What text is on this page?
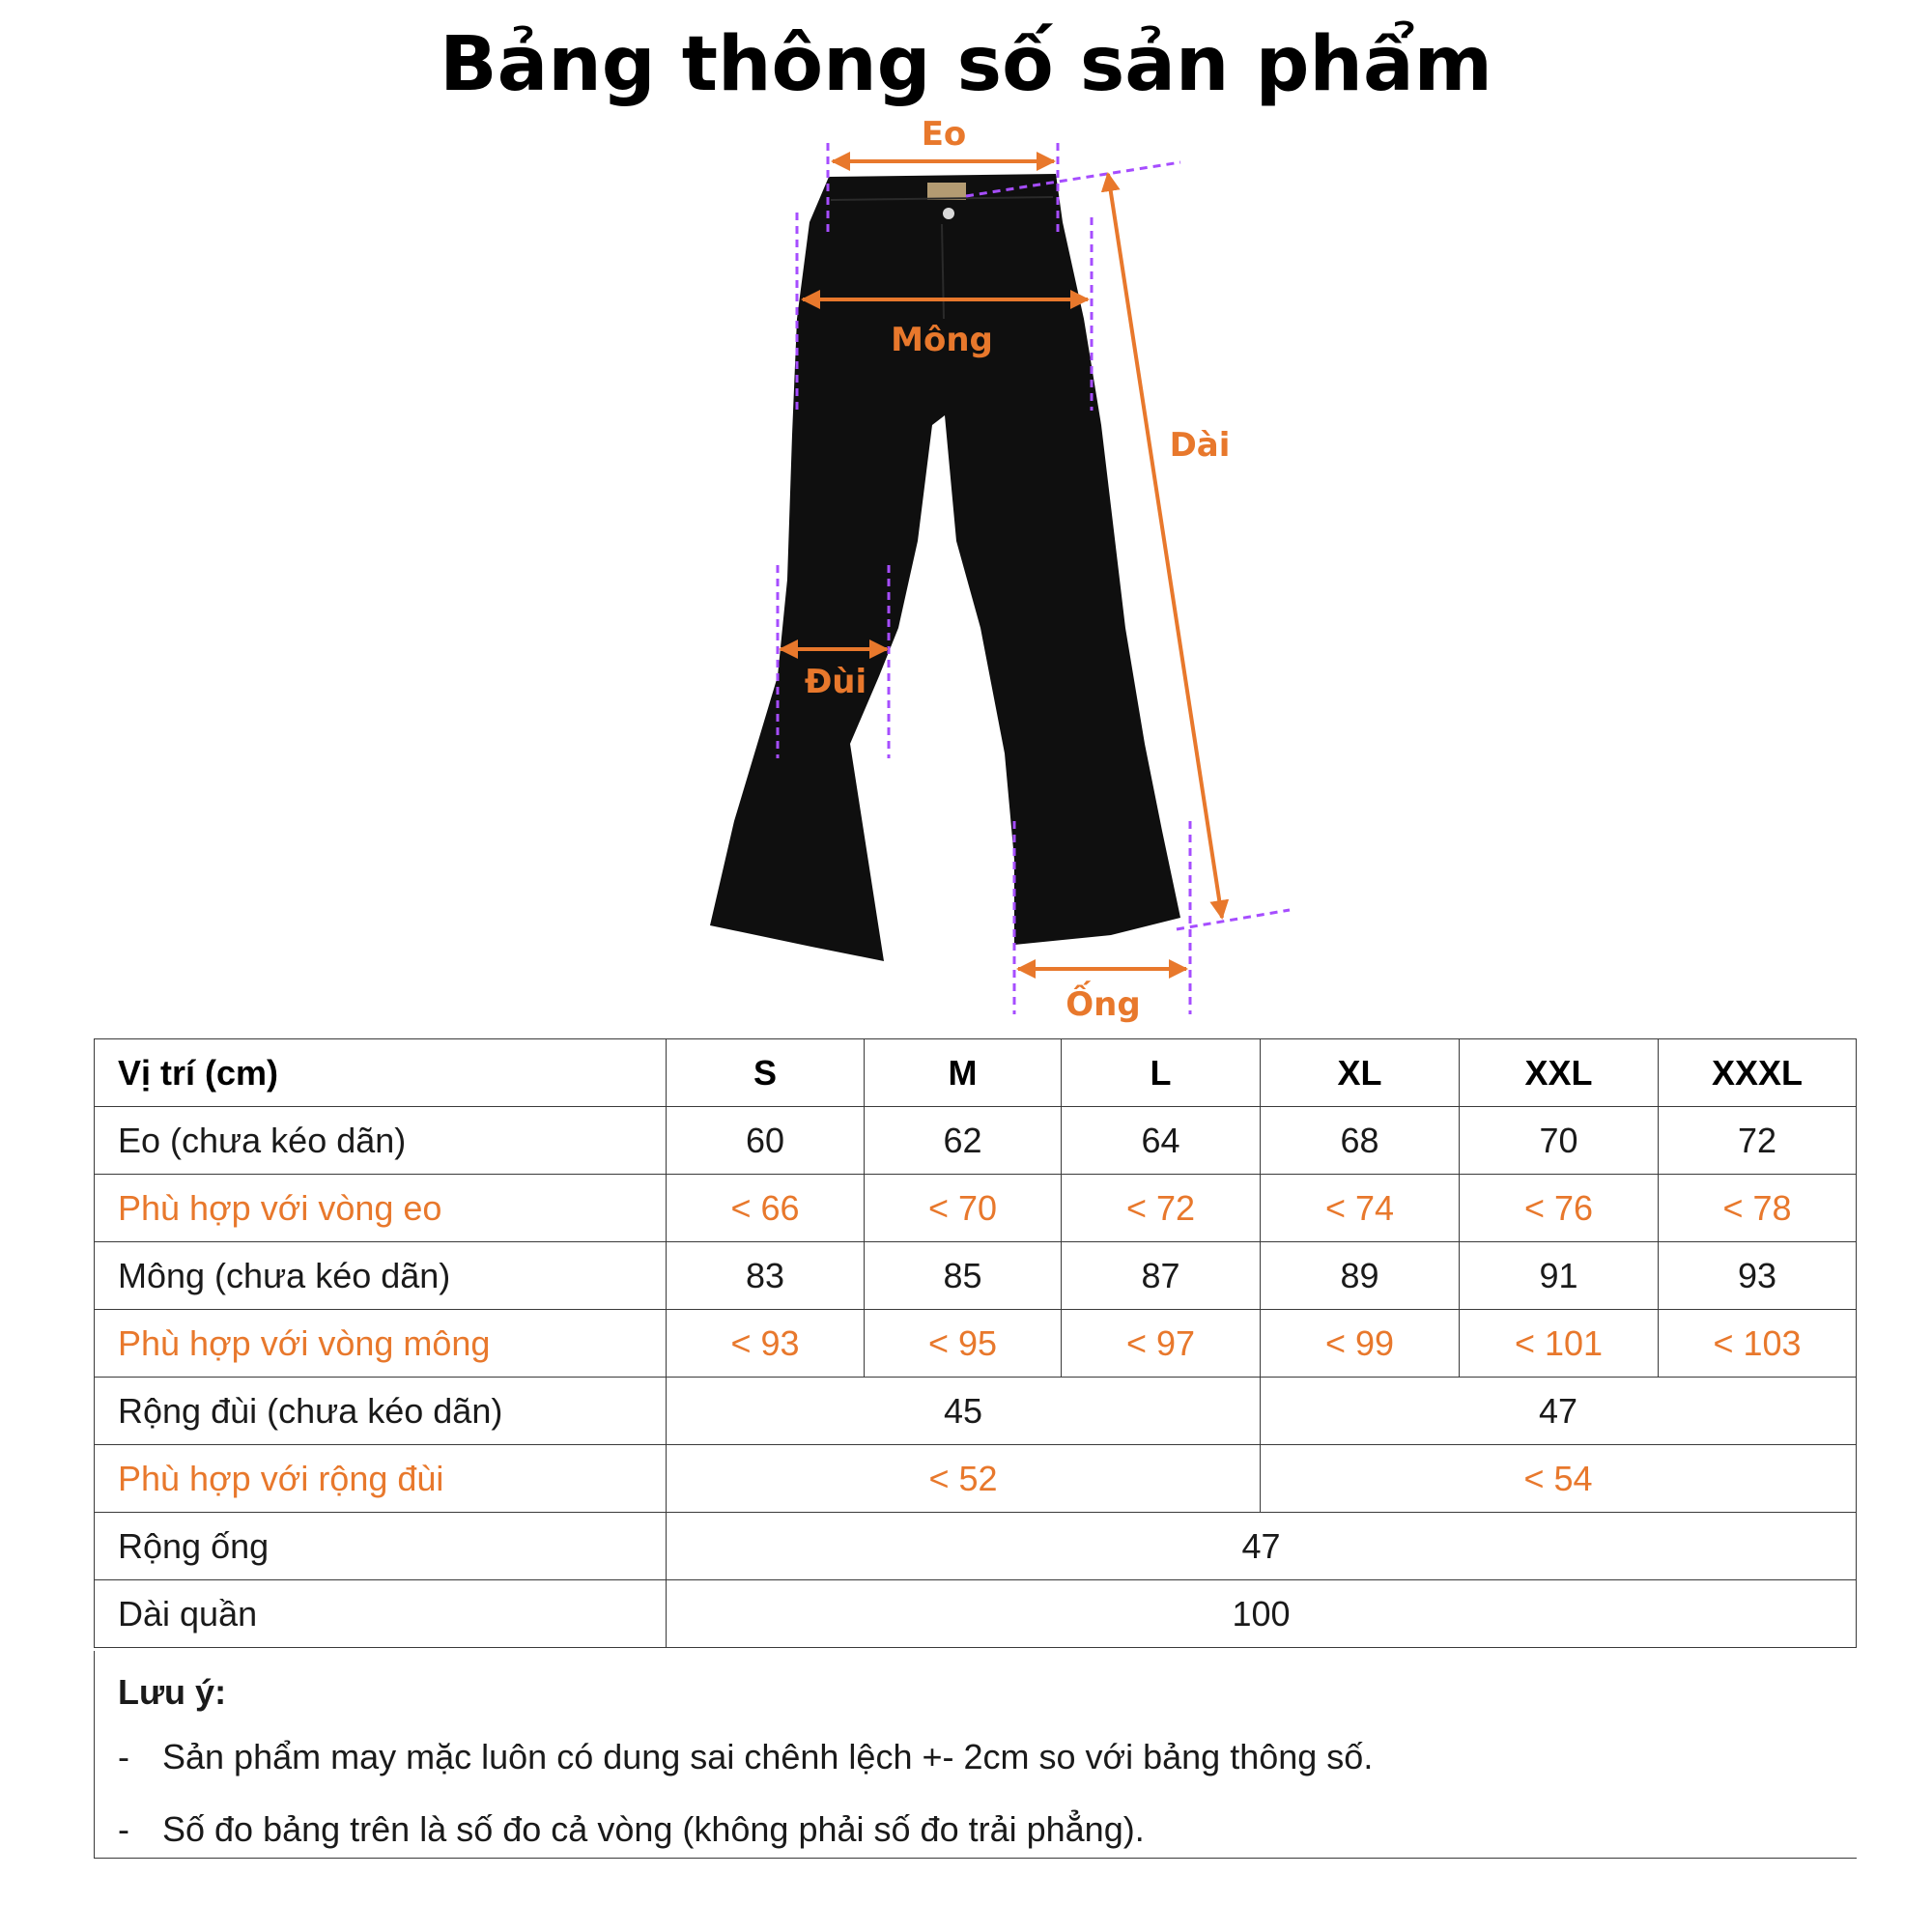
Bảng thông số sản phẩm
Eo
Mông
Dài
Đùi
Ống
Vị trí (cm)	S	M	L	XL	XXL	XXXL
Eo (chưa kéo dãn)	60	62	64	68	70	72
Phù hợp với vòng eo	< 66	< 70	< 72	< 74	< 76	< 78
Mông (chưa kéo dãn)	83	85	87	89	91	93
Phù hợp với vòng mông	< 93	< 95	< 97	< 99	< 101	< 103
Rộng đùi (chưa kéo dãn)	45			47		
Phù hợp với rộng đùi	< 52			< 54		
Rộng ống	47					
Dài quần	100					
Lưu ý:
- Sản phẩm may mặc luôn có dung sai chênh lệch +- 2cm so với bảng thông số.
- Số đo bảng trên là số đo cả vòng (không phải số đo trải phẳng).
